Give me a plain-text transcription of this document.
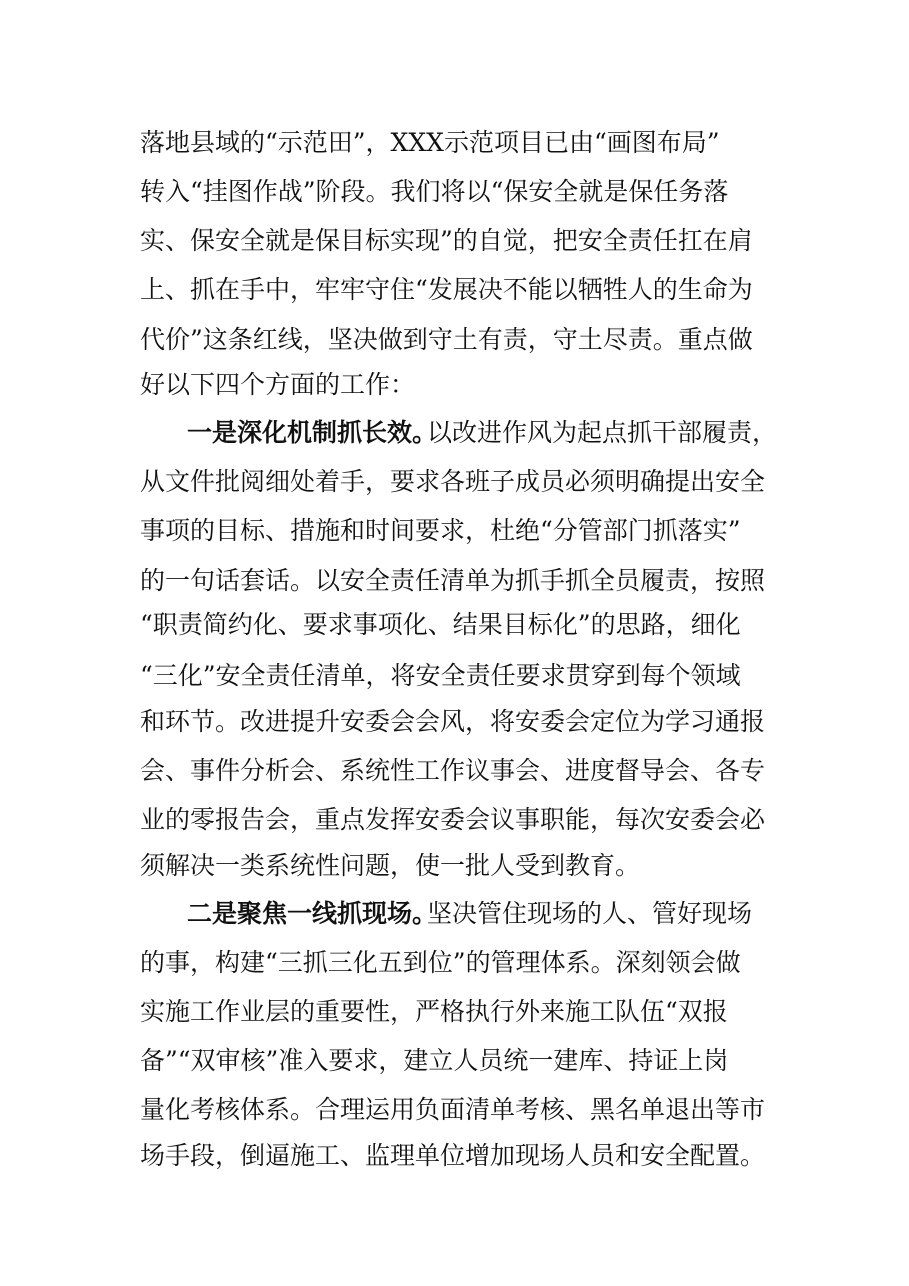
落地县域的“示范田”，XXX示范项目已由“画图布局”
转入“挂图作战”阶段。我们将以“保安全就是保任务落
实、保安全就是保目标实现”的自觉，把安全责任扛在肩
上、抓在手中，牢牢守住“发展决不能以牺牲人的生命为
代价”这条红线，坚决做到守土有责，守土尽责。重点做
好以下四个方面的工作：
一是深化机制抓长效。
以改进作风为起点抓干部履责，
从文件批阅细处着手，要求各班子成员必须明确提出安全
事项的目标、措施和时间要求，杜绝“分管部门抓落实”
的一句话套话。以安全责任清单为抓手抓全员履责，按照
“职责简约化、要求事项化、结果目标化”的思路，细化
“三化”安全责任清单，将安全责任要求贯穿到每个领域
和环节。改进提升安委会会风，将安委会定位为学习通报
会、事件分析会、系统性工作议事会、进度督导会、各专
业的零报告会，重点发挥安委会议事职能，每次安委会必
须解决一类系统性问题，使一批人受到教育。
二是聚焦一线抓现场。
坚决管住现场的人、管好现场
的事，构建“三抓三化五到位”的管理体系。深刻领会做
实施工作业层的重要性，严格执行外来施工队伍“双报
备”“双审核”准入要求，建立人员统一建库、持证上岗
量化考核体系。合理运用负面清单考核、黑名单退出等市
场手段，倒逼施工、监理单位增加现场人员和安全配置。
